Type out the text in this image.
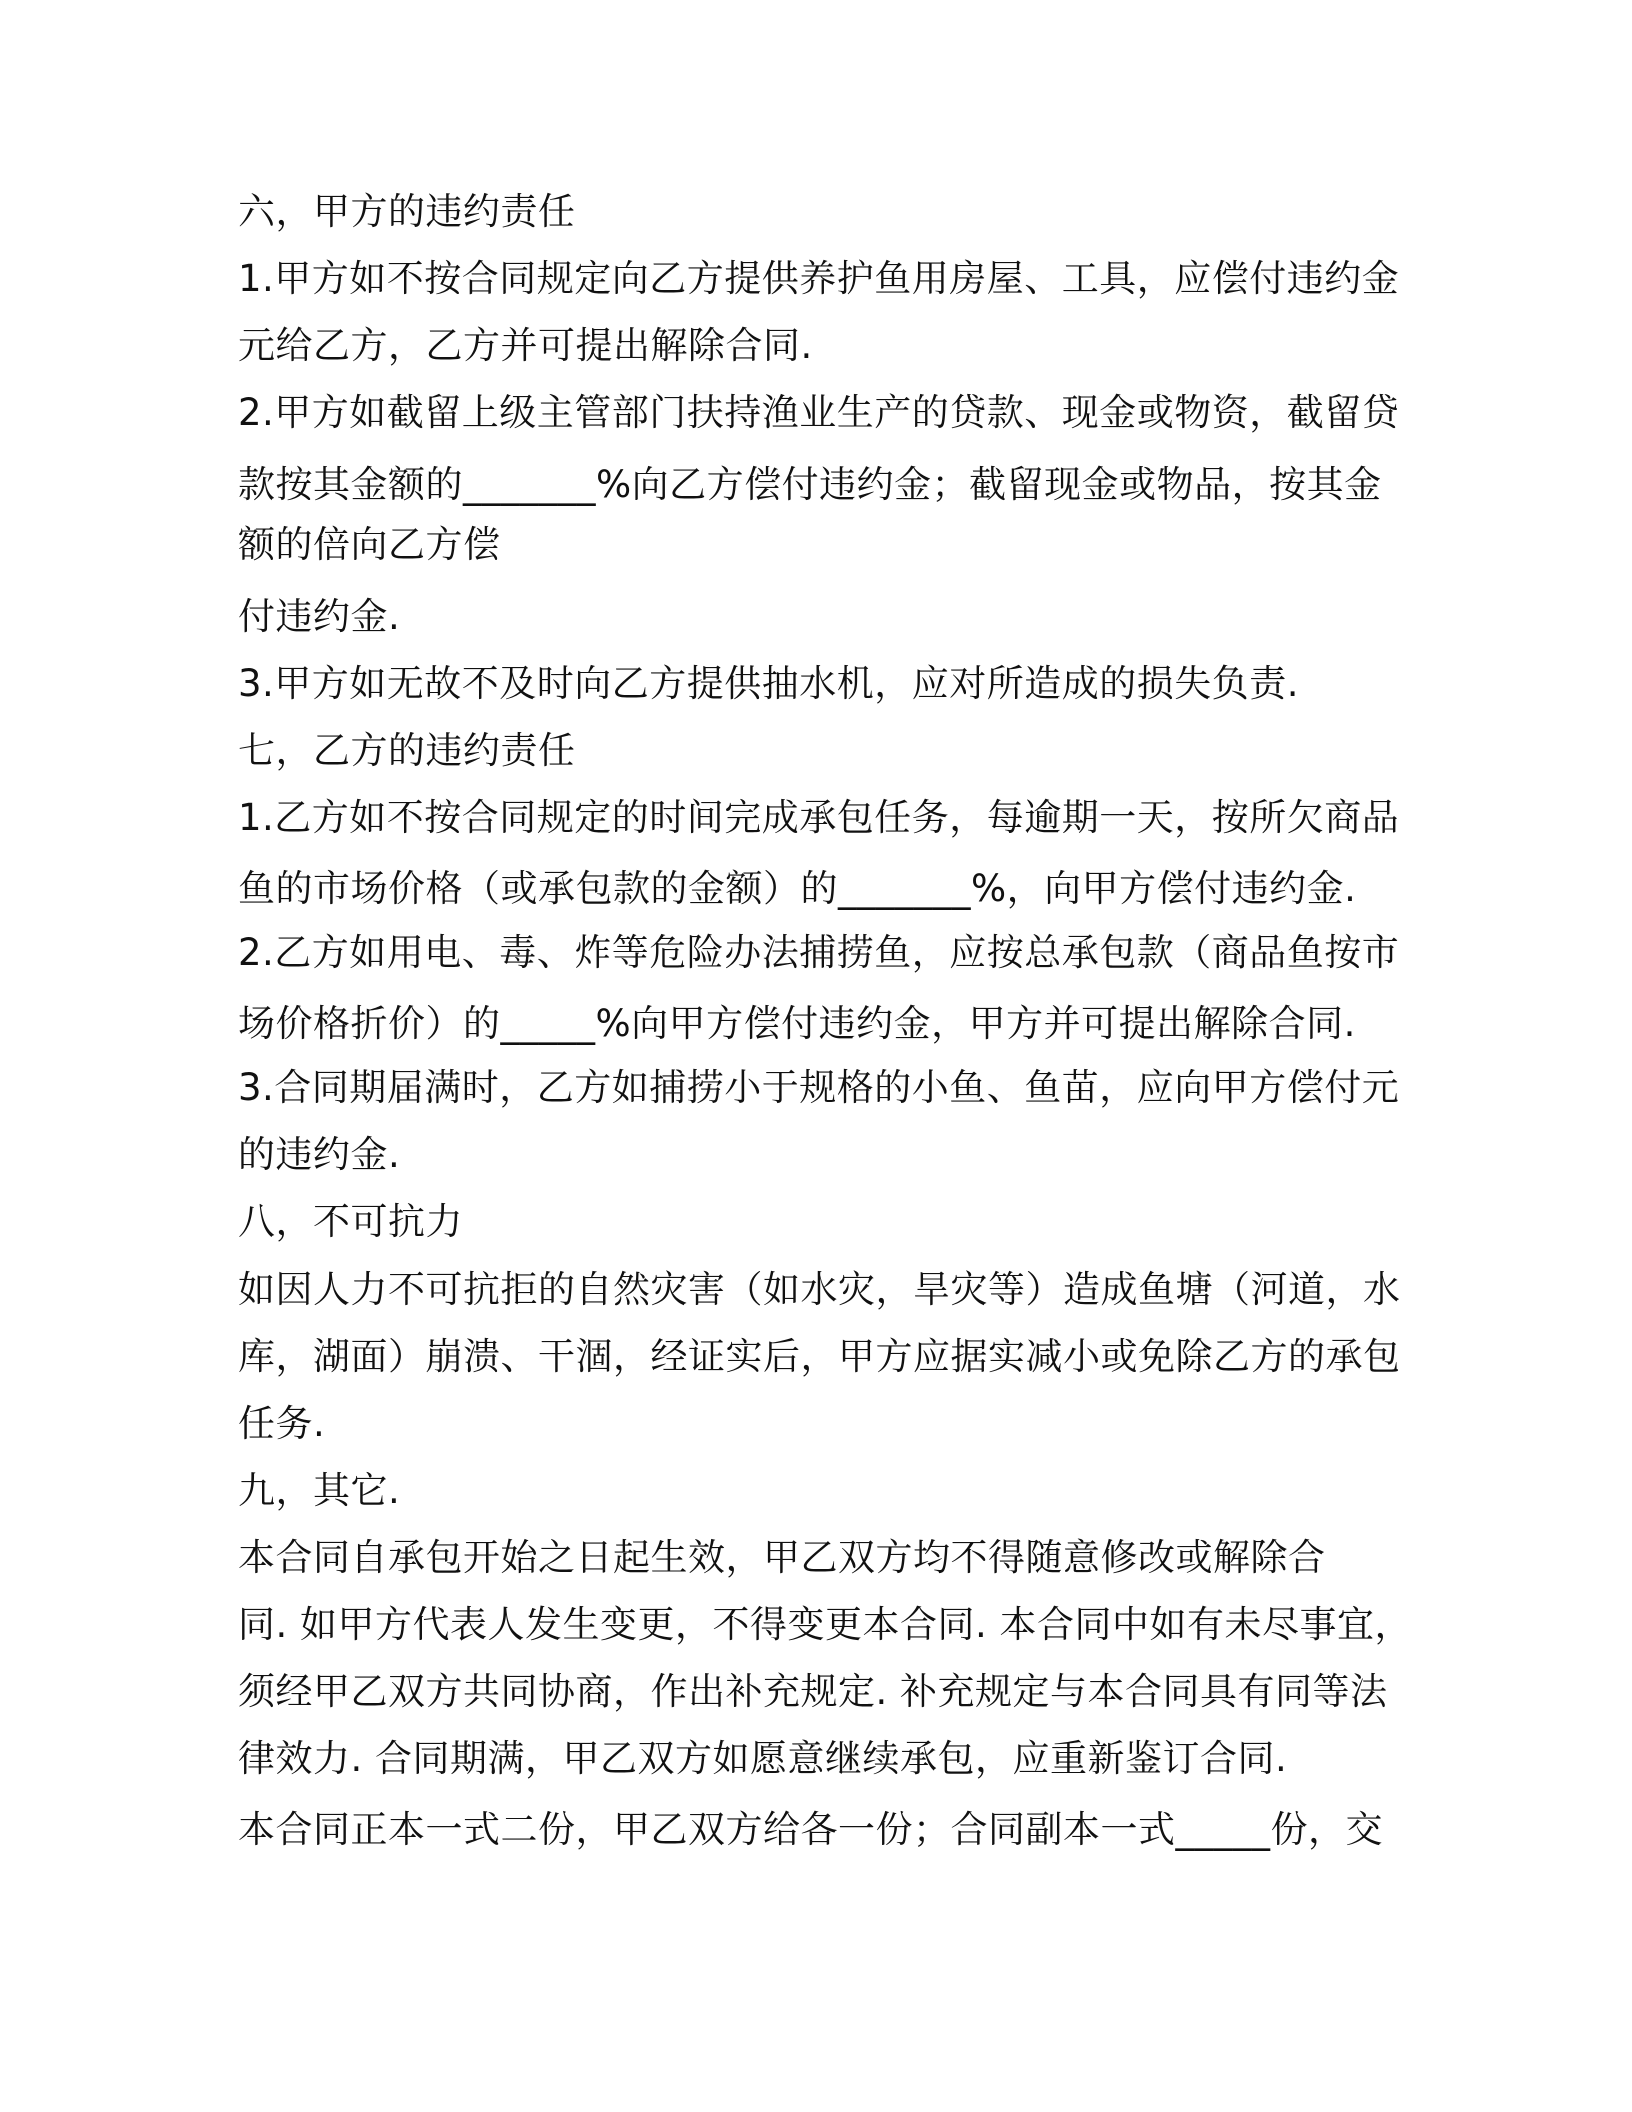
六，甲方的违约责任
1.甲方如不按合同规定向乙方提供养护鱼用房屋、工具，应偿付违约金
元给乙方，乙方并可提出解除合同.
2.甲方如截留上级主管部门扶持渔业生产的贷款、现金或物资，截留贷
款按其金额的_______%向乙方偿付违约金；截留现金或物品，按其金
额的倍向乙方偿
付违约金.
3.甲方如无故不及时向乙方提供抽水机，应对所造成的损失负责.
七，乙方的违约责任
1.乙方如不按合同规定的时间完成承包任务，每逾期一天，按所欠商品
鱼的市场价格（或承包款的金额）的_______%，向甲方偿付违约金.
2.乙方如用电、毒、炸等危险办法捕捞鱼，应按总承包款（商品鱼按市
场价格折价）的_____%向甲方偿付违约金，甲方并可提出解除合同.
3.合同期届满时，乙方如捕捞小于规格的小鱼、鱼苗，应向甲方偿付元
的违约金.
八，不可抗力
如因人力不可抗拒的自然灾害（如水灾，旱灾等）造成鱼塘（河道，水
库，湖面）崩溃、干涸，经证实后，甲方应据实减小或免除乙方的承包
任务.
九，其它.
本合同自承包开始之日起生效，甲乙双方均不得随意修改或解除合
同. 如甲方代表人发生变更，不得变更本合同. 本合同中如有未尽事宜，
须经甲乙双方共同协商，作出补充规定. 补充规定与本合同具有同等法
律效力. 合同期满，甲乙双方如愿意继续承包，应重新鉴订合同.
本合同正本一式二份，甲乙双方给各一份；合同副本一式_____份，交
